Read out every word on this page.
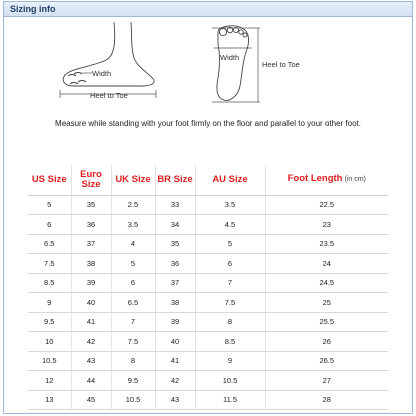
Sizing info
Width
Heel to Toe
Width
Heel to Toe
Measure while standing with your foot firmly on the floor and parallel to your other foot.
US Size	Euro Size	UK Size	BR Size	AU Size	Foot Length (in cm)
5	35	2.5	33	3.5	22.5
6	36	3.5	34	4.5	23
6.5	37	4	35	5	23.5
7.5	38	5	36	6	24
8.5	39	6	37	7	24.5
9	40	6.5	38	7.5	25
9.5	41	7	39	8	25.5
10	42	7.5	40	8.5	26
10.5	43	8	41	9	26.5
12	44	9.5	42	10.5	27
13	45	10.5	43	11.5	28
